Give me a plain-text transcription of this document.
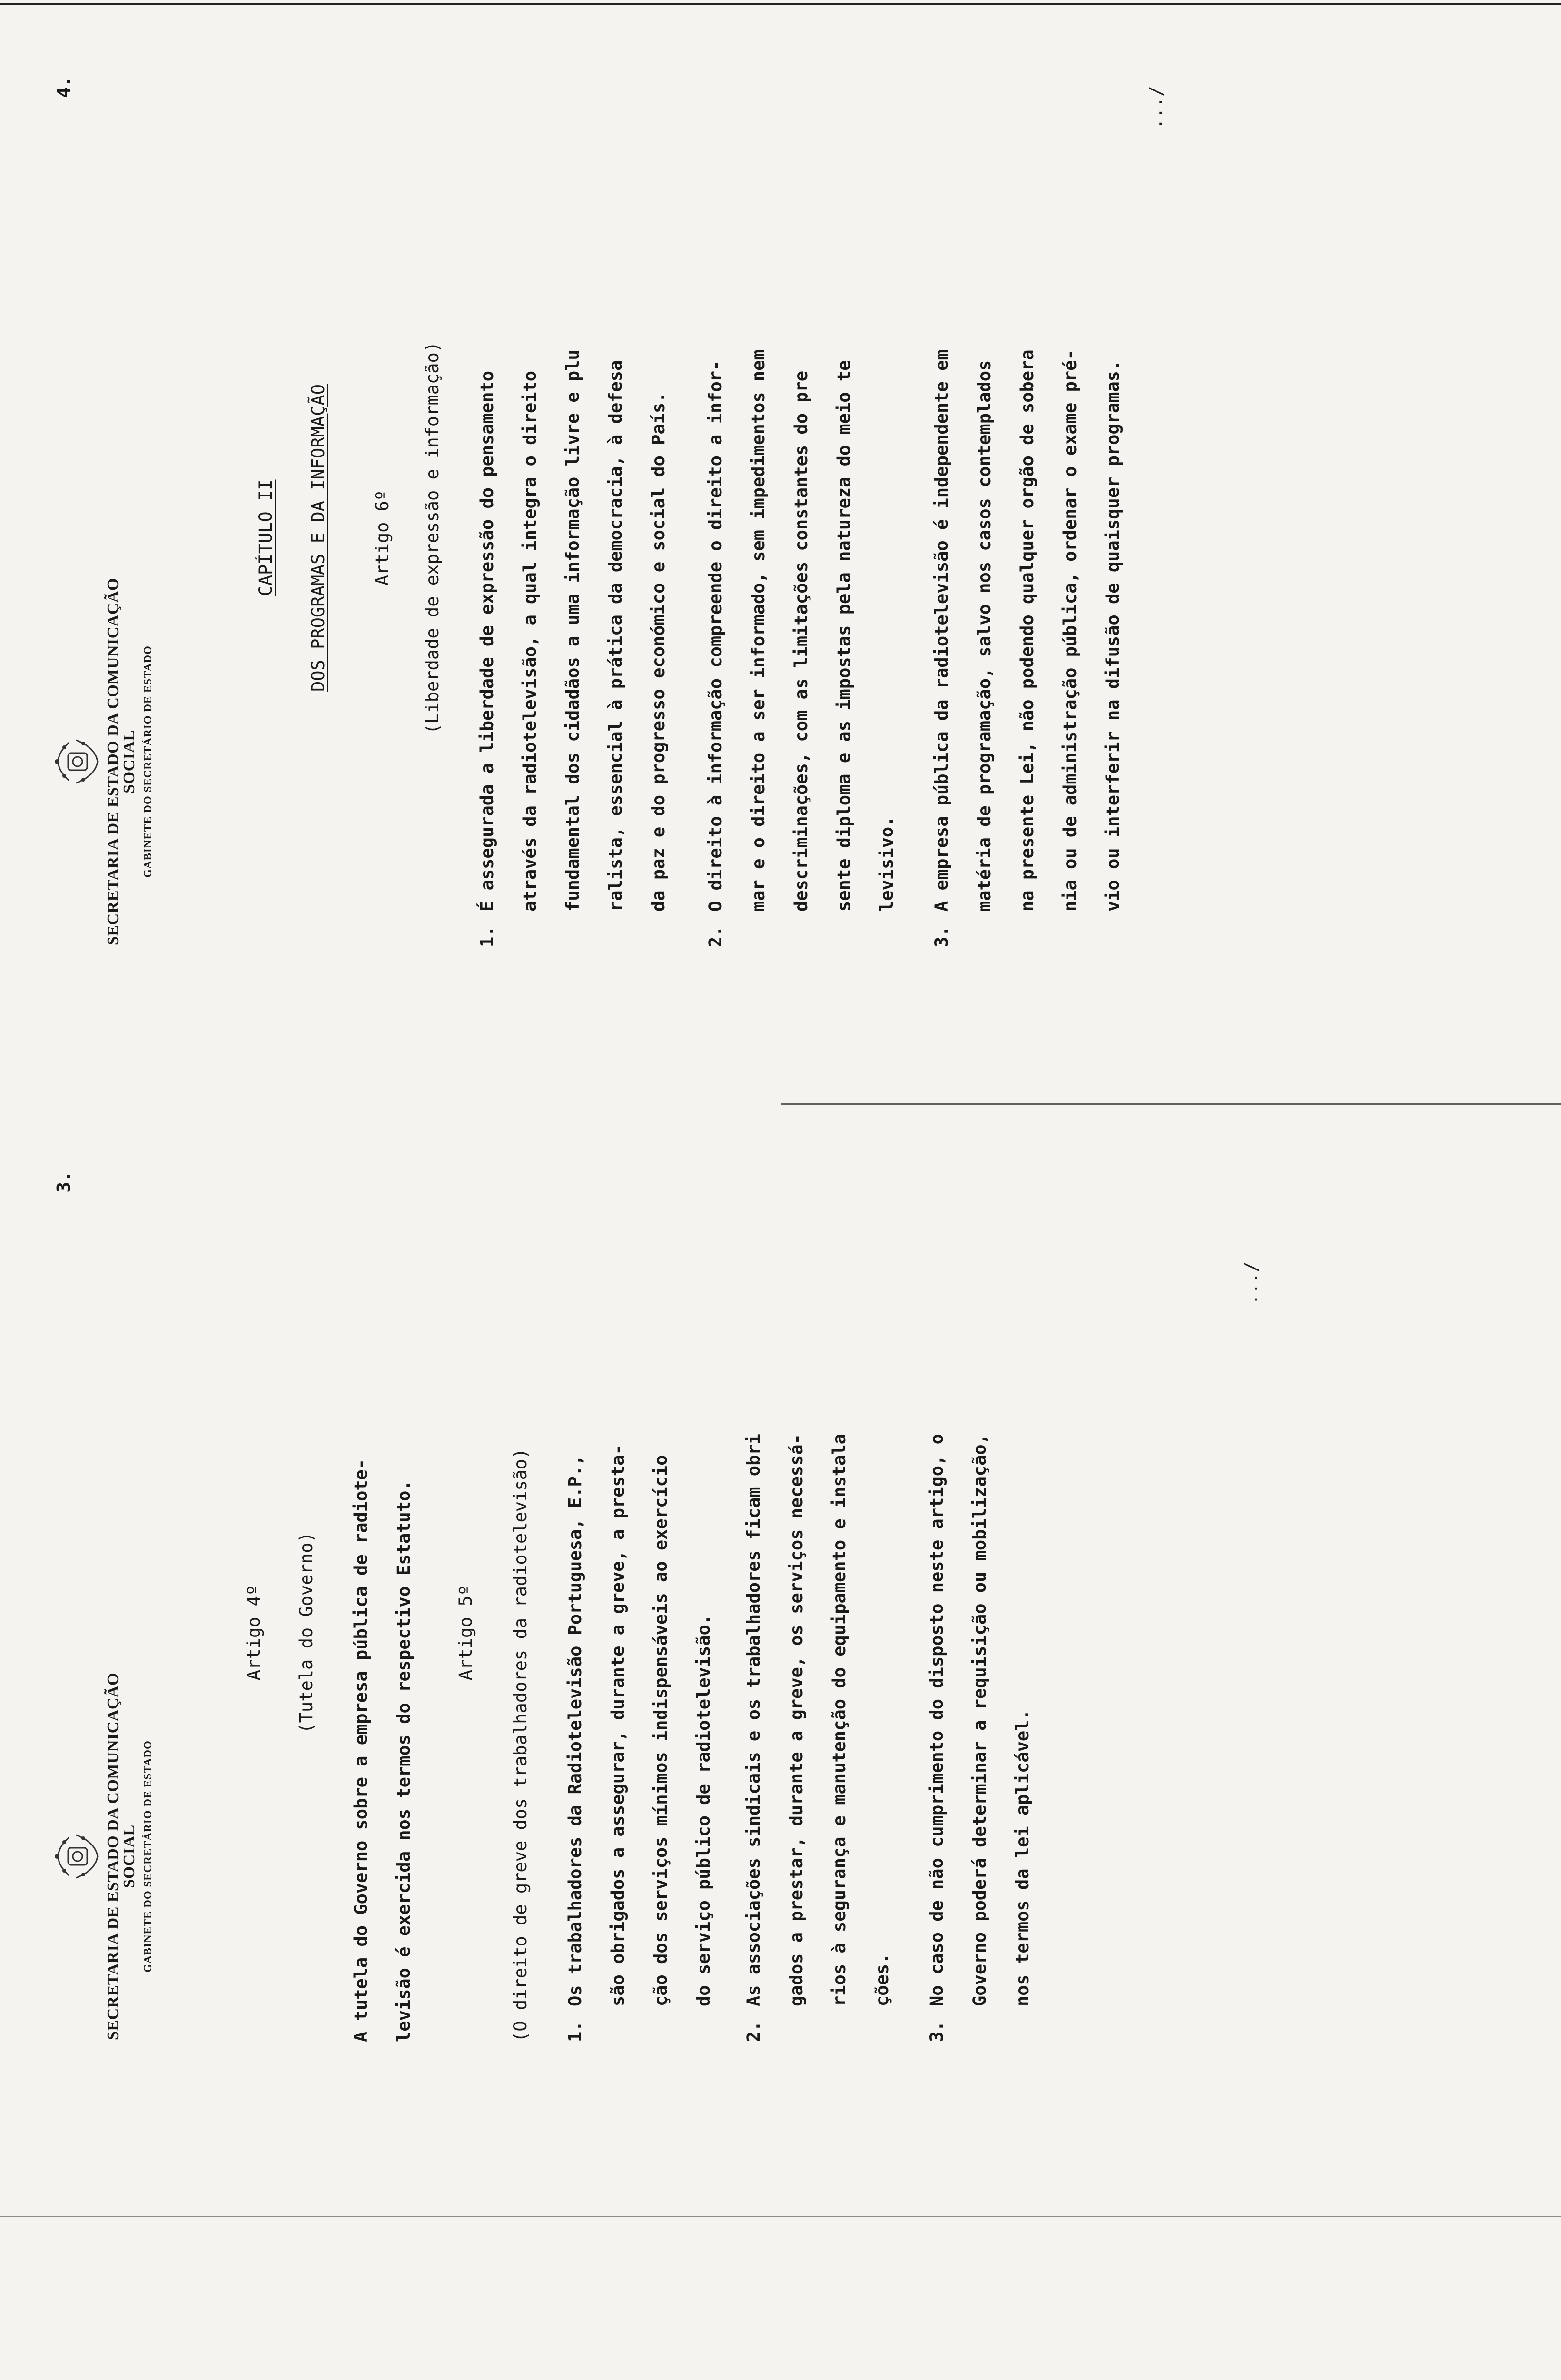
3.
SECRETARIA DE ESTADO DA COMUNICAÇÃO SOCIAL GABINETE DO SECRETÁRIO DE ESTADO
Artigo 4º (Tutela do Governo) A tutela do Governo sobre a empresa pública de radiote-	levisão é exercida nos termos do respectivo Estatuto.	Artigo 5º (O direito de greve dos trabalhadores da radiotelevisão) 1.
Os trabalhadores da Radiotelevisão Portuguesa, E.P.,	são obrigados a assegurar, durante a greve, a presta-	ção dos serviços mínimos indispensáveis ao exercício	do serviço público de radiotelevisão.
2.
As associações sindicais e os trabalhadores ficam obri	gados a prestar, durante a greve, os serviços necessá-	rios à segurança e manutenção do equipamento e instala	ções.
3.
No caso de não cumprimento do disposto neste artigo, o	Governo poderá determinar a requisição ou mobilização,	nos termos da lei aplicável.
.../
4.
SECRETARIA DE ESTADO DA COMUNICAÇÃO SOCIAL GABINETE DO SECRETÁRIO DE ESTADO
CAPÍTULO II DOS PROGRAMAS E DA INFORMAÇÃO Artigo 6º (Liberdade de expressão e informação)
1.
É assegurada a liberdade de expressão do pensamento	através da radiotelevisão, a qual integra o direito	fundamental dos cidadãos a uma informação livre e plu	ralista, essencial à prática da democracia, à defesa	da paz e do progresso económico e social do País.
2.
O direito à informação compreende o direito a infor-	mar e o direito a ser informado, sem impedimentos nem	descriminações, com as limitações constantes do pre	sente diploma e as impostas pela natureza do meio te	levisivo.
3.
A empresa pública da radiotelevisão é independente em	matéria de programação, salvo nos casos contemplados	na presente Lei, não podendo qualquer orgão de sobera	nia ou de administração pública, ordenar o exame pré-	vio ou interferir na difusão de quaisquer programas.
.../
